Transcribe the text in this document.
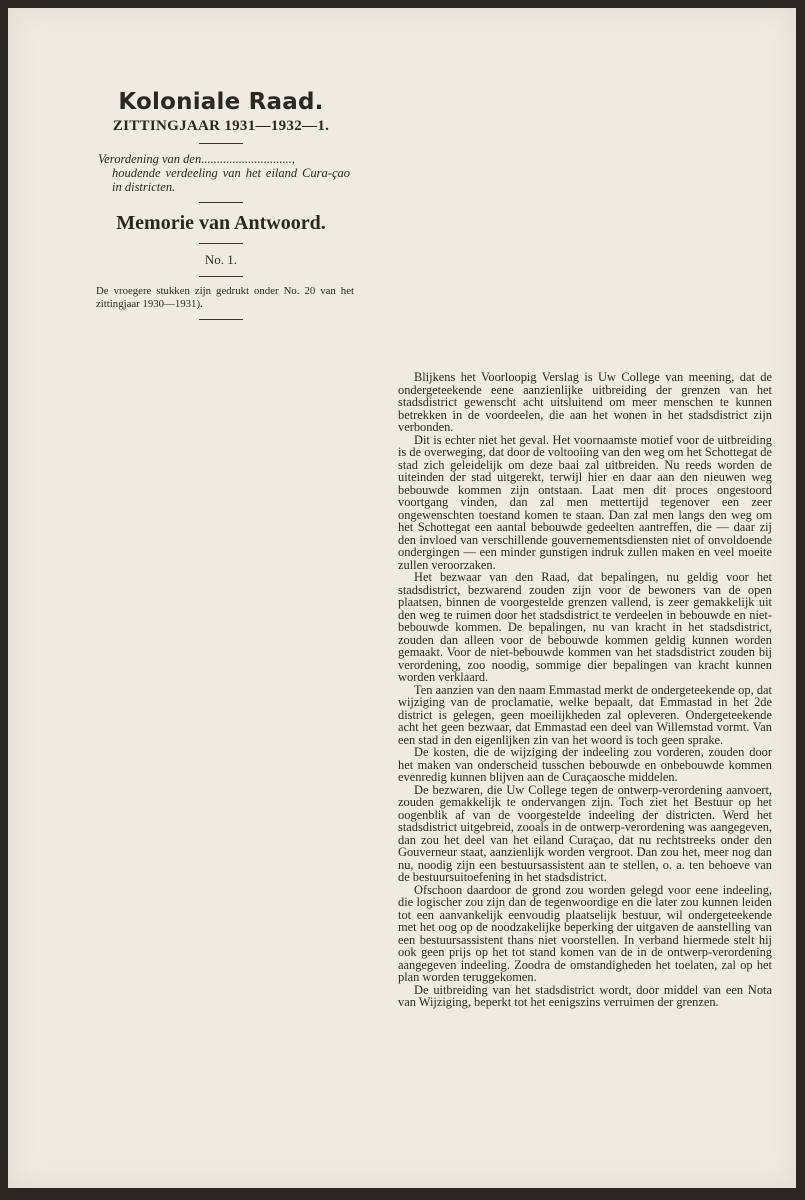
Koloniale Raad.
ZITTINGJAAR 1931—1932—1.

Verordening van den.............................,
houdende verdeeling van het eiland Cura-çao in districten.

Memorie van Antwoord.

No. 1.

De vroegere stukken zijn gedrukt onder No. 20 van het zittingjaar 1930—1931).

Blijkens het Voorloopig Verslag is Uw College van meening, dat de ondergeteekende eene aanzienlijke uitbreiding der grenzen van het stadsdistrict gewenscht acht uitsluitend om meer menschen te kunnen betrekken in de voordeelen, die aan het wonen in het stadsdistrict zijn verbonden.

Dit is echter niet het geval. Het voornaamste motief voor de uitbreiding is de overweging, dat door de voltooiing van den weg om het Schottegat de stad zich geleidelijk om deze baai zal uitbreiden. Nu reeds worden de uiteinden der stad uitgerekt, terwijl hier en daar aan den nieuwen weg bebouwde kommen zijn ontstaan. Laat men dit proces ongestoord voortgang vinden, dan zal men mettertijd tegenover een zeer ongewenschten toestand komen te staan. Dan zal men langs den weg om het Schottegat een aantal bebouwde gedeelten aantreffen, die — daar zij den invloed van verschillende gouvernementsdiensten niet of onvoldoende ondergingen — een minder gunstigen indruk zullen maken en veel moeite zullen veroorzaken.

Het bezwaar van den Raad, dat bepalingen, nu geldig voor het stadsdistrict, bezwarend zouden zijn voor de bewoners van de open plaatsen, binnen de voorgestelde grenzen vallend, is zeer gemakkelijk uit den weg te ruimen door het stadsdistrict te verdeelen in bebouwde en niet-bebouwde kommen. De bepalingen, nu van kracht in het stadsdistrict, zouden dan alleen voor de bebouwde kommen geldig kunnen worden gemaakt. Voor de niet-bebouwde kommen van het stadsdistrict zouden bij verordening, zoo noodig, sommige dier bepalingen van kracht kunnen worden verklaard.

Ten aanzien van den naam Emmastad merkt de ondergeteekende op, dat wijziging van de proclamatie, welke bepaalt, dat Emmastad in het 2de district is gelegen, geen moeilijkheden zal opleveren. Ondergeteekende acht het geen bezwaar, dat Emmastad een deel van Willemstad vormt. Van een stad in den eigenlijken zin van het woord is toch geen sprake.

De kosten, die de wijziging der indeeling zou vorderen, zouden door het maken van onderscheid tusschen bebouwde en onbebouwde kommen evenredig kunnen blijven aan de Curaçaosche middelen.

De bezwaren, die Uw College tegen de ontwerp-verordening aanvoert, zouden gemakkelijk te ondervangen zijn. Toch ziet het Bestuur op het oogenblik af van de voorgestelde indeeling der districten. Werd het stadsdistrict uitgebreid, zooals in de ontwerp-verordening was aangegeven, dan zou het deel van het eiland Curaçao, dat nu rechtstreeks onder den Gouverneur staat, aanzienlijk worden vergroot. Dan zou het, meer nog dan nu, noodig zijn een bestuursassistent aan te stellen, o. a. ten behoeve van de bestuursuitoefening in het stadsdistrict.

Ofschoon daardoor de grond zou worden gelegd voor eene indeeling, die logischer zou zijn dan de tegenwoordige en die later zou kunnen leiden tot een aanvankelijk eenvoudig plaatselijk bestuur, wil ondergeteekende met het oog op de noodzakelijke beperking der uitgaven de aanstelling van een bestuursassistent thans niet voorstellen. In verband hiermede stelt hij ook geen prijs op het tot stand komen van de in de ontwerp-verordening aangegeven indeeling. Zoodra de omstandigheden het toelaten, zal op het plan worden teruggekomen.

De uitbreiding van het stadsdistrict wordt, door middel van een Nota van Wijziging, beperkt tot het eenigszins verruimen der grenzen.
